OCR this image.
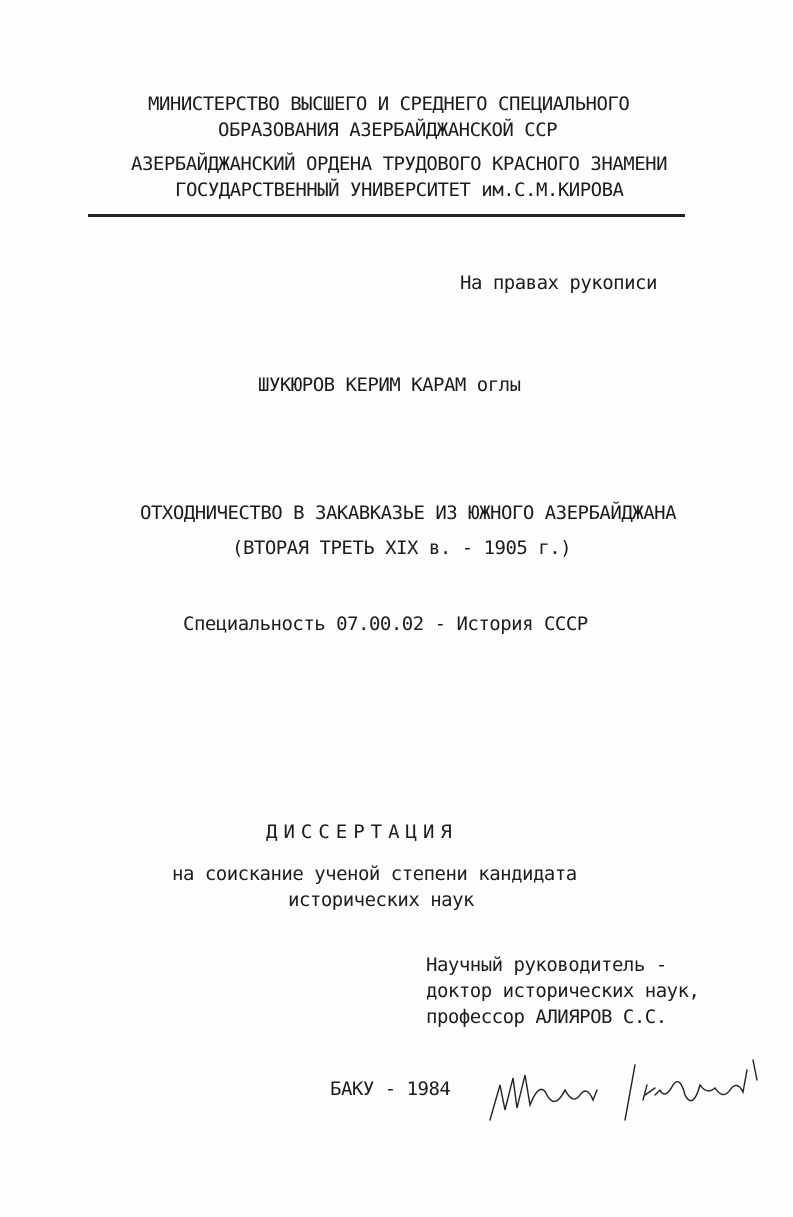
МИНИСТЕРСТВО ВЫСШЕГО И СРЕДНЕГО СПЕЦИАЛЬНОГО
ОБРАЗОВАНИЯ АЗЕРБАЙДЖАНСКОЙ ССР
АЗЕРБАЙДЖАНСКИЙ ОРДЕНА ТРУДОВОГО КРАСНОГО ЗНАМЕНИ
ГОСУДАРСТВЕННЫЙ УНИВЕРСИТЕТ им.С.М.КИРОВА
На правах рукописи
ШУКЮРОВ КЕРИМ КАРАМ оглы
ОТХОДНИЧЕСТВО В ЗАКАВКАЗЬЕ ИЗ ЮЖНОГО АЗЕРБАЙДЖАНА
(ВТОРАЯ ТРЕТЬ XIX в. - 1905 г.)
Специальность 07.00.02 - История СССР
ДИССЕРТАЦИЯ
на соискание ученой степени кандидата
исторических наук
Научный руководитель -
доктор исторических наук,
профессор АЛИЯРОВ С.С.
БАКУ - 1984
